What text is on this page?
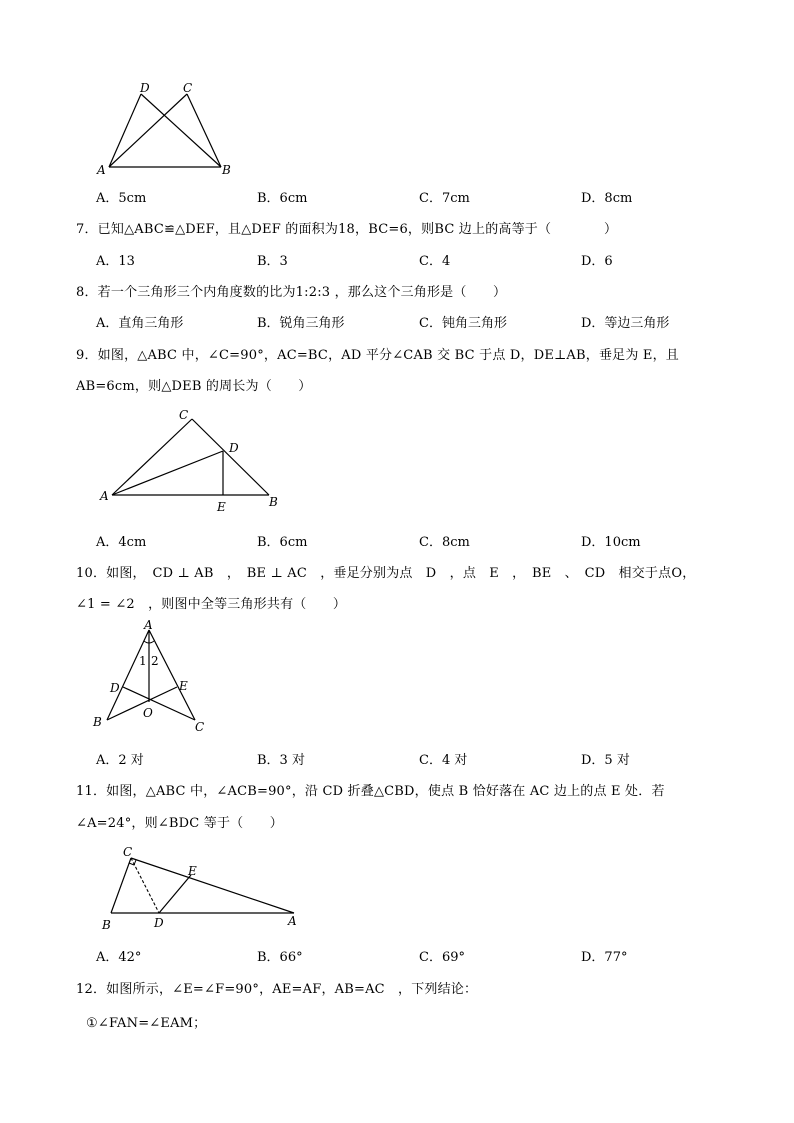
D	C
A	B
A．5cm	B．6cm	C．7cm	D．8cm
7．已知△ABC≌△DEF，且△DEF 的面积为18，BC=6，则BC 边上的高等于（　　　　）
A．13	B．3	C．4	D．6
8．若一个三角形三个内角度数的比为1:2:3 ，那么这个三角形是（　　）
A．直角三角形	B．锐角三角形	C．钝角三角形	D．等边三角形
9．如图，△ABC 中，∠C=90°，AC=BC，AD 平分∠CAB 交 BC 于点 D，DE⊥AB，垂足为 E，且
AB=6cm，则△DEB 的周长为（　　）
C
D
A
E	B
A．4cm	B．6cm	C．8cm	D．10cm
10．如图，　CD ⊥ AB　，　BE ⊥ AC　，垂足分别为点　D　，点　E　，　BE　、　CD　相交于点O，
∠1 = ∠2　，则图中全等三角形共有（　　）
A
1 2
D	E
B
O
C
A．2 对	B．3 对	C．4 对	D．5 对
11．如图，△ABC 中，∠ACB=90°，沿 CD 折叠△CBD，使点 B 恰好落在 AC 边上的点 E 处．若
∠A=24°，则∠BDC 等于（　　）
C
E
B	D	A
A．42°	B．66°	C．69°	D．77°
12．如图所示，∠E=∠F=90°，AE=AF，AB=AC　，下列结论：
①∠FAN=∠EAM；
